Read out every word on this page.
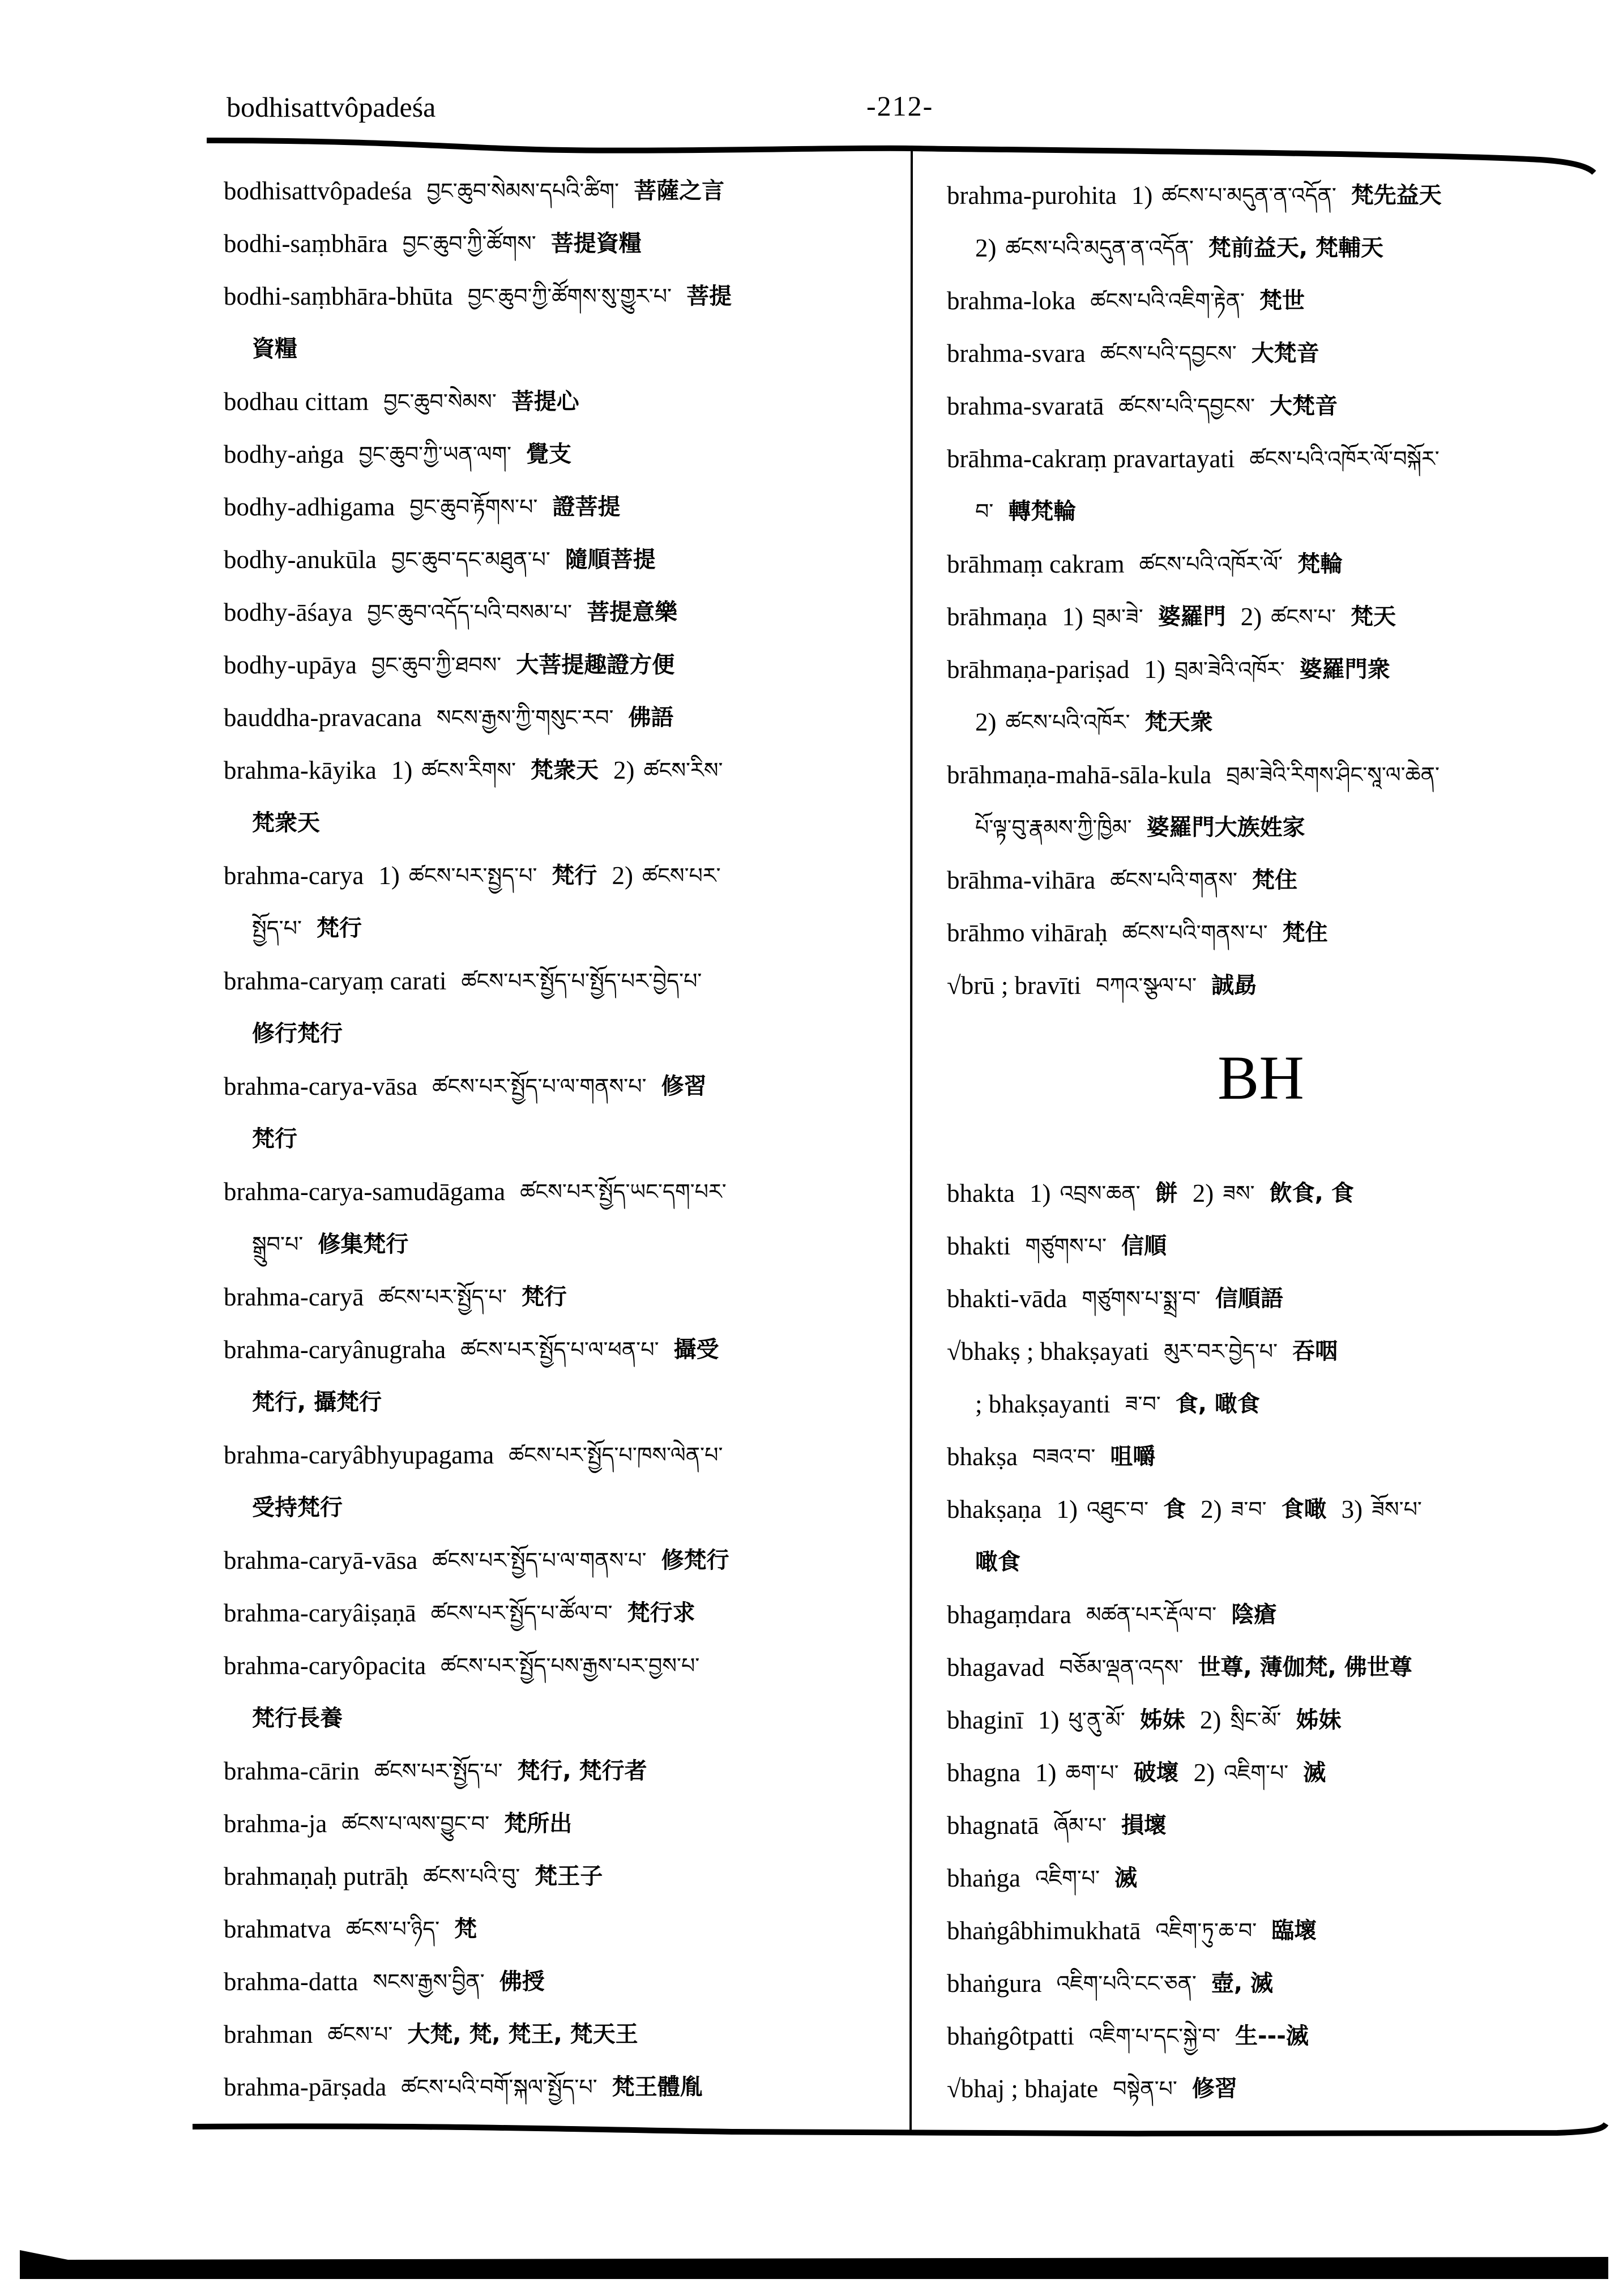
bodhisattvôpadeśa	-212-
bodhisattvôpadeśa བྱང་ཆུབ་སེམས་དཔའི་ཚིག་ 菩薩之言
bodhi-saṃbhāra བྱང་ཆུབ་ཀྱི་ཚོགས་ 菩提資糧
bodhi-saṃbhāra-bhūta བྱང་ཆུབ་ཀྱི་ཚོགས་སུ་གྱུར་པ་ 菩提
資糧
bodhau cittam བྱང་ཆུབ་སེམས་ 菩提心
bodhy-aṅga བྱང་ཆུབ་ཀྱི་ཡན་ལག་ 覺支
bodhy-adhigama བྱང་ཆུབ་རྟོགས་པ་ 證菩提
bodhy-anukūla བྱང་ཆུབ་དང་མཐུན་པ་ 隨順菩提
bodhy-āśaya བྱང་ཆུབ་འདོད་པའི་བསམ་པ་ 菩提意樂
bodhy-upāya བྱང་ཆུབ་ཀྱི་ཐབས་ 大菩提趣證方便
bauddha-pravacana སངས་རྒྱས་ཀྱི་གསུང་རབ་ 佛語
brahma-kāyika 1) ཚངས་རིགས་ 梵衆天 2) ཚངས་རིས་
梵衆天
brahma-carya 1) ཚངས་པར་སྤྱད་པ་ 梵行 2) ཚངས་པར་
སྤྱོད་པ་ 梵行
brahma-caryaṃ carati ཚངས་པར་སྤྱོད་པ་སྤྱོད་པར་བྱེད་པ་
修行梵行
brahma-carya-vāsa ཚངས་པར་སྤྱོད་པ་ལ་གནས་པ་ 修習
梵行
brahma-carya-samudāgama ཚངས་པར་སྤྱོད་ཡང་དག་པར་
སྒྲུབ་པ་ 修集梵行
brahma-caryā ཚངས་པར་སྤྱོད་པ་ 梵行
brahma-caryânugraha ཚངས་པར་སྤྱོད་པ་ལ་ཕན་པ་ 攝受
梵行, 攝梵行
brahma-caryâbhyupagama ཚངས་པར་སྤྱོད་པ་ཁས་ལེན་པ་
受持梵行
brahma-caryā-vāsa ཚངས་པར་སྤྱོད་པ་ལ་གནས་པ་ 修梵行
brahma-caryâiṣaṇā ཚངས་པར་སྤྱོད་པ་ཚོལ་བ་ 梵行求
brahma-caryôpacita ཚངས་པར་སྤྱོད་པས་རྒྱས་པར་བྱས་པ་
梵行長養
brahma-cārin ཚངས་པར་སྤྱོད་པ་ 梵行, 梵行者
brahma-ja ཚངས་པ་ལས་བྱུང་བ་ 梵所出
brahmaṇaḥ putrāḥ ཚངས་པའི་བུ་ 梵王子
brahmatva ཚངས་པ་ཉིད་ 梵
brahma-datta སངས་རྒྱས་བྱིན་ 佛授
brahman ཚངས་པ་ 大梵, 梵, 梵王, 梵天王
brahma-pārṣada ཚངས་པའི་བགོ་སྐལ་སྤྱོད་པ་ 梵王體胤
brahma-purohita 1) ཚངས་པ་མདུན་ན་འདོན་ 梵先益天
2) ཚངས་པའི་མདུན་ན་འདོན་ 梵前益天, 梵輔天
brahma-loka ཚངས་པའི་འཇིག་རྟེན་ 梵世
brahma-svara ཚངས་པའི་དབྱངས་ 大梵音
brahma-svaratā ཚངས་པའི་དབྱངས་ 大梵音
brāhma-cakraṃ pravartayati ཚངས་པའི་འཁོར་ལོ་བསྐོར་
བ་ 轉梵輪
brāhmaṃ cakram ཚངས་པའི་འཁོར་ལོ་ 梵輪
brāhmaṇa 1) བྲམ་ཟེ་ 婆羅門 2) ཚངས་པ་ 梵天
brāhmaṇa-pariṣad 1) བྲམ་ཟེའི་འཁོར་ 婆羅門衆
2) ཚངས་པའི་འཁོར་ 梵天衆
brāhmaṇa-mahā-sāla-kula བྲམ་ཟེའི་རིགས་ཤིང་སཱ་ལ་ཆེན་
པོ་ལྟ་བུ་རྣམས་ཀྱི་ཁྱིམ་ 婆羅門大族姓家
brāhma-vihāra ཚངས་པའི་གནས་ 梵住
brāhmo vihāraḥ ཚངས་པའི་གནས་པ་ 梵住
√brū ; bravīti བཀའ་སྩལ་པ་ 誠勗
bhakta 1) འབྲས་ཆན་ 餅 2) ཟས་ 飲食, 食
bhakti གཙུགས་པ་ 信順
bhakti-vāda གཙུགས་པ་སྨྲ་བ་ 信順語
√bhakṣ ; bhakṣayati མུར་བར་བྱེད་པ་ 吞咽
; bhakṣayanti ཟ་བ་ 食, 噉食
bhakṣa བཟའ་བ་ 咀嚼
bhakṣaṇa 1) འཐུང་བ་ 食 2) ཟ་བ་ 食噉 3) ཟོས་པ་
噉食
bhagaṃdara མཚན་པར་རྡོལ་བ་ 陰瘡
bhagavad བཅོམ་ལྡན་འདས་ 世尊, 薄伽梵, 佛世尊
bhaginī 1) ཕུ་ནུ་མོ་ 姊妹 2) སྲིང་མོ་ 姊妹
bhagna 1) ཆག་པ་ 破壞 2) འཇིག་པ་ 滅
bhagnatā ཞོམ་པ་ 損壞
bhaṅga འཇིག་པ་ 滅
bhaṅgâbhimukhatā འཇིག་ཏུ་ཆ་བ་ 臨壞
bhaṅgura འཇིག་པའི་ངང་ཅན་ 壺, 滅
bhaṅgôtpatti འཇིག་པ་དང་སྐྱེ་བ་ 生---滅
√bhaj ; bhajate བསྟེན་པ་ 修習
BH
